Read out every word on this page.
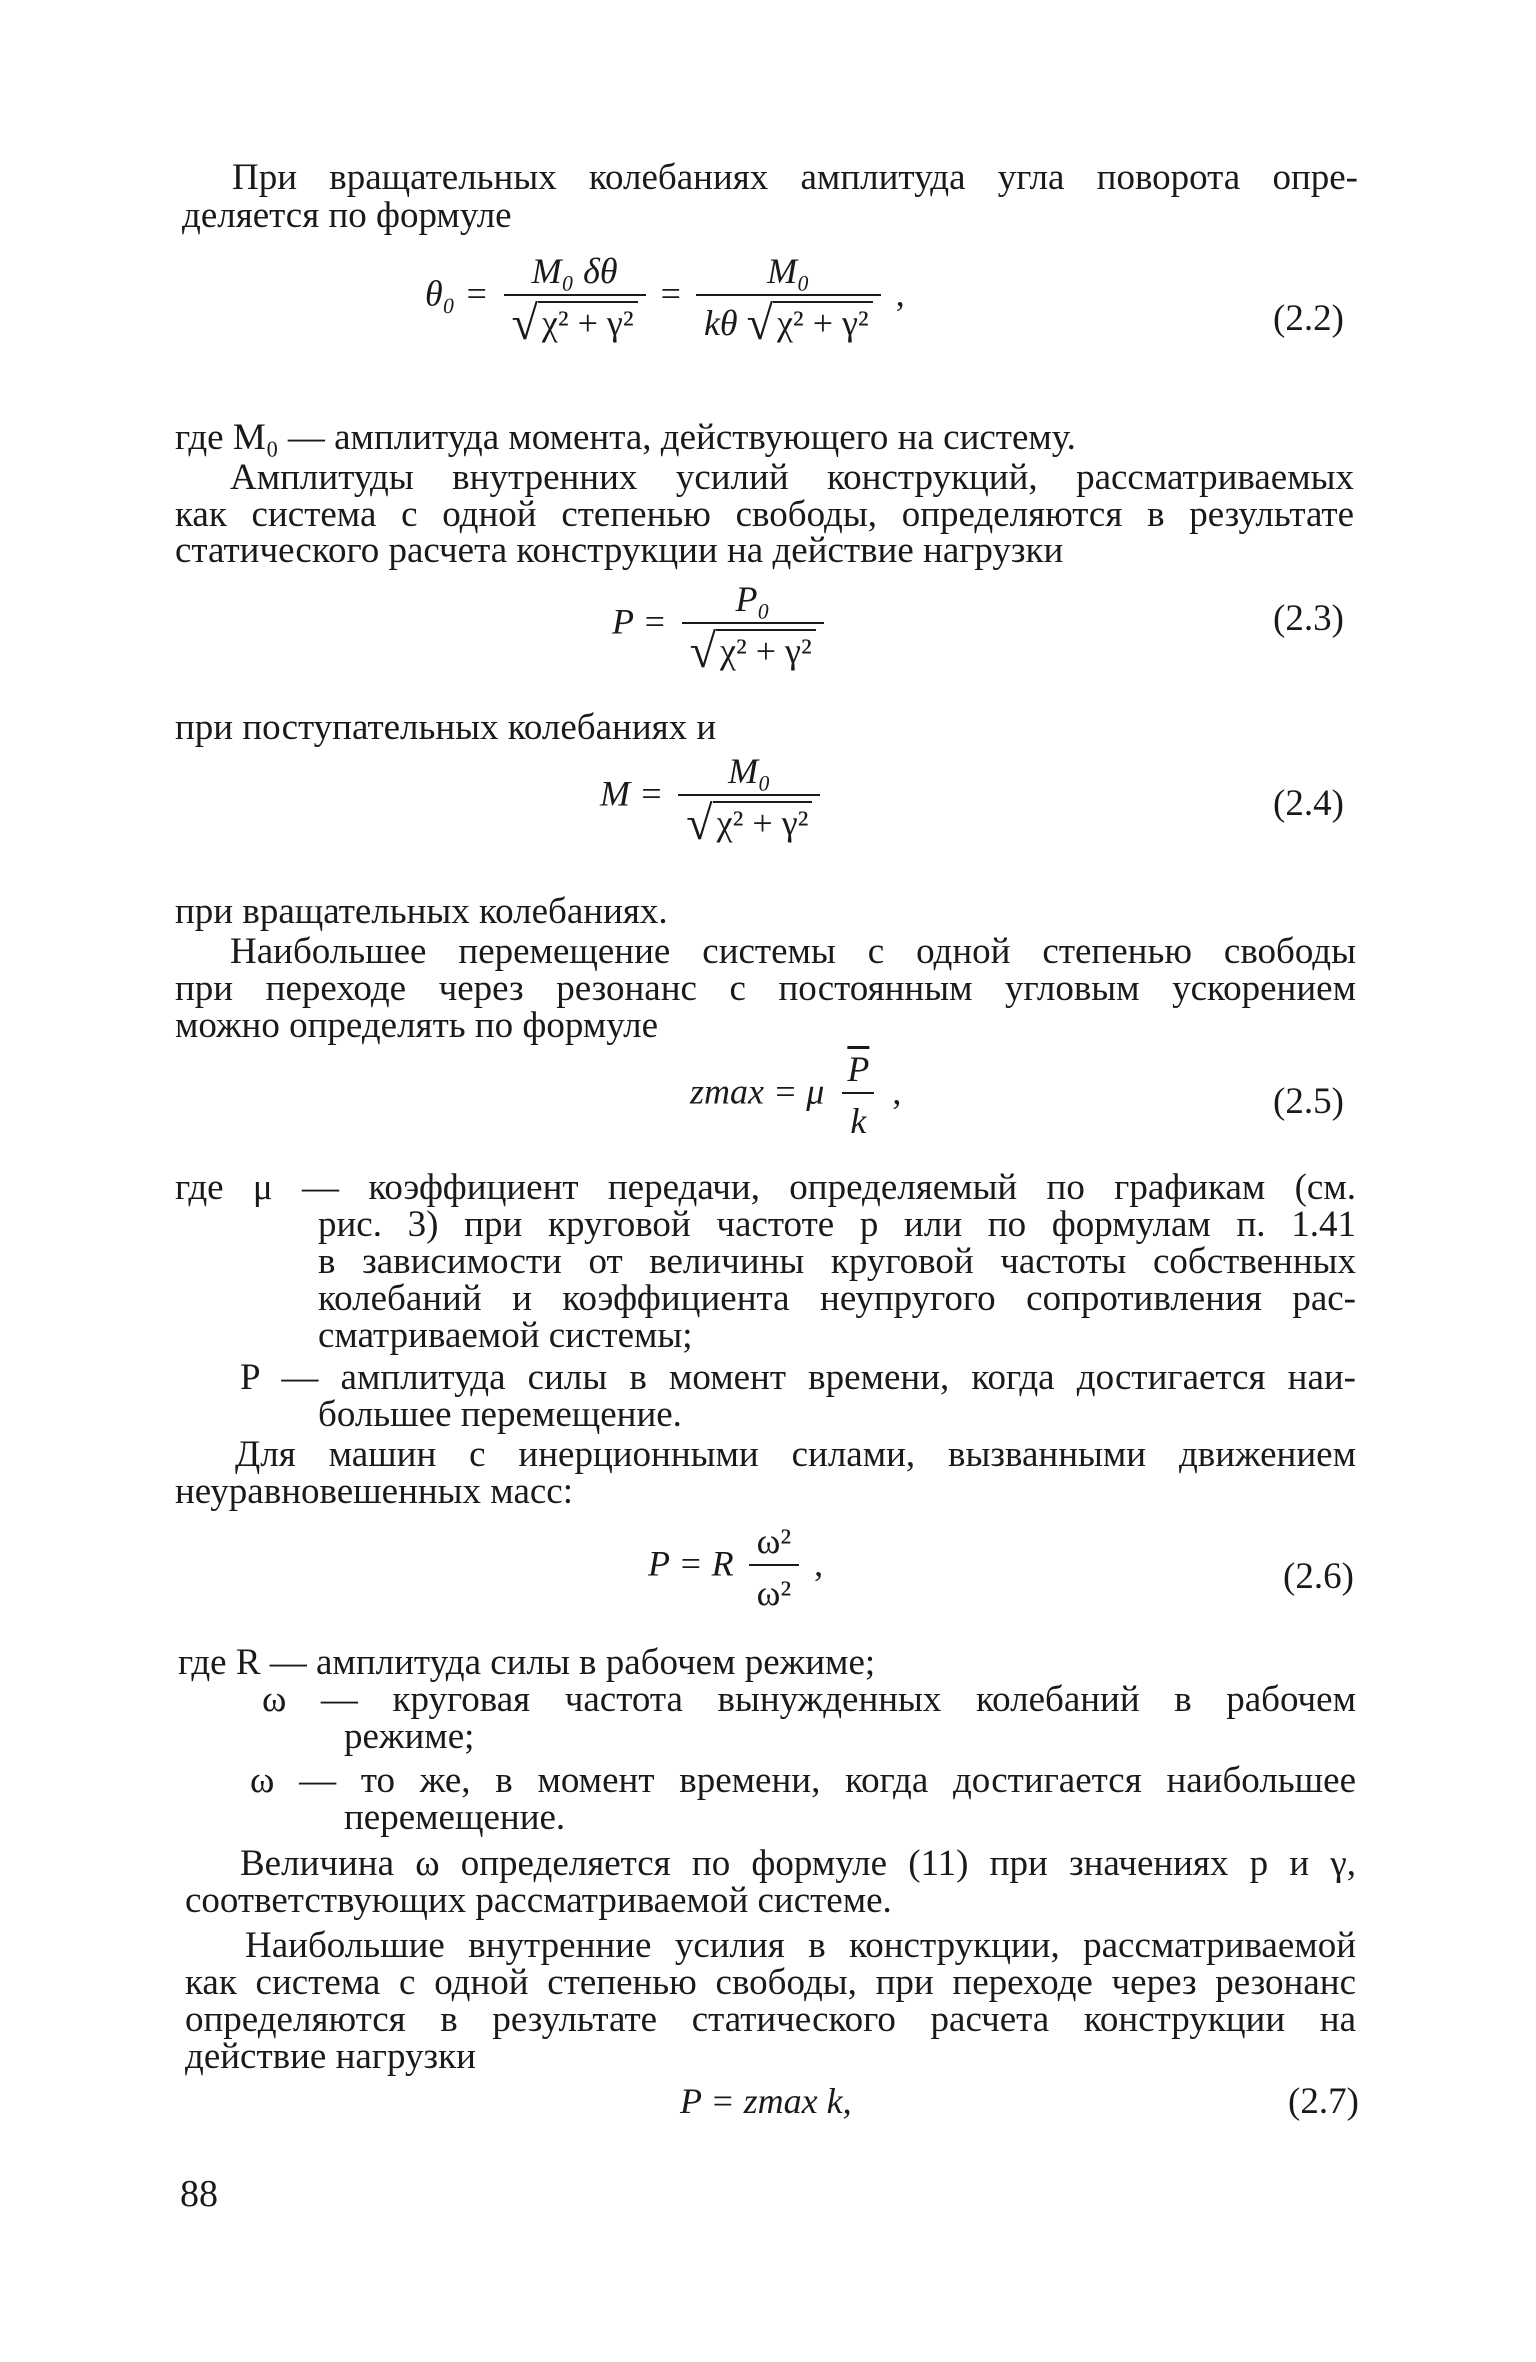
При вращательных колебаниях амплитуда угла поворота опре-
деляется по формуле
$\theta_0 = \frac{\text{M₀ δθ}}{\text{√ χ² + γ²}} = \frac{\text{M₀}}{\text{kθ √ χ² + γ²}}$ ,
(2.2)
где M₀ — амплитуда момента, действующего на систему.
Амплитуды внутренних усилий конструкций, рассматриваемых
как система с одной степенью свободы, определяются в результате
статического расчета конструкции на действие нагрузки
$P = \frac{\text{P₀}}{\text{√ χ² + γ²}}$	(2.3)
при поступательных колебаниях и
$M = \frac{\text{M₀}}{\text{√ χ² + γ²}}$	(2.4)
при вращательных колебаниях.
Наибольшее перемещение системы с одной степенью свободы
при переходе через резонанс с постоянным угловым ускорением
можно определять по формуле
zmax = μ $\frac{\overline{P}}{k}$ ,	(2.5)
где μ — коэффициент передачи, определяемый по графикам (см.
рис. 3) при круговой частоте p или по формулам п. 1.41
в зависимости от величины круговой частоты собственных
колебаний и коэффициента неупругого сопротивления рас-
сматриваемой системы;
P — амплитуда силы в момент времени, когда достигается наи-
большее перемещение.
Для машин с инерционными силами, вызванными движением
неуравновешенных масс:
P = R $\frac{\text{ω²}}{\text{ω²}}$ ,	(2.6)
где R — амплитуда силы в рабочем режиме;
ω — круговая частота вынужденных колебаний в рабочем
режиме;
ω — то же, в момент времени, когда достигается наибольшее
перемещение.
Величина ω определяется по формуле (11) при значениях p и γ,
соответствующих рассматриваемой системе.
Наибольшие внутренние усилия в конструкции, рассматриваемой
как система с одной степенью свободы, при переходе через резонанс
определяются в результате статического расчета конструкции на
действие нагрузки
P = zmax k,	(2.7)
88
